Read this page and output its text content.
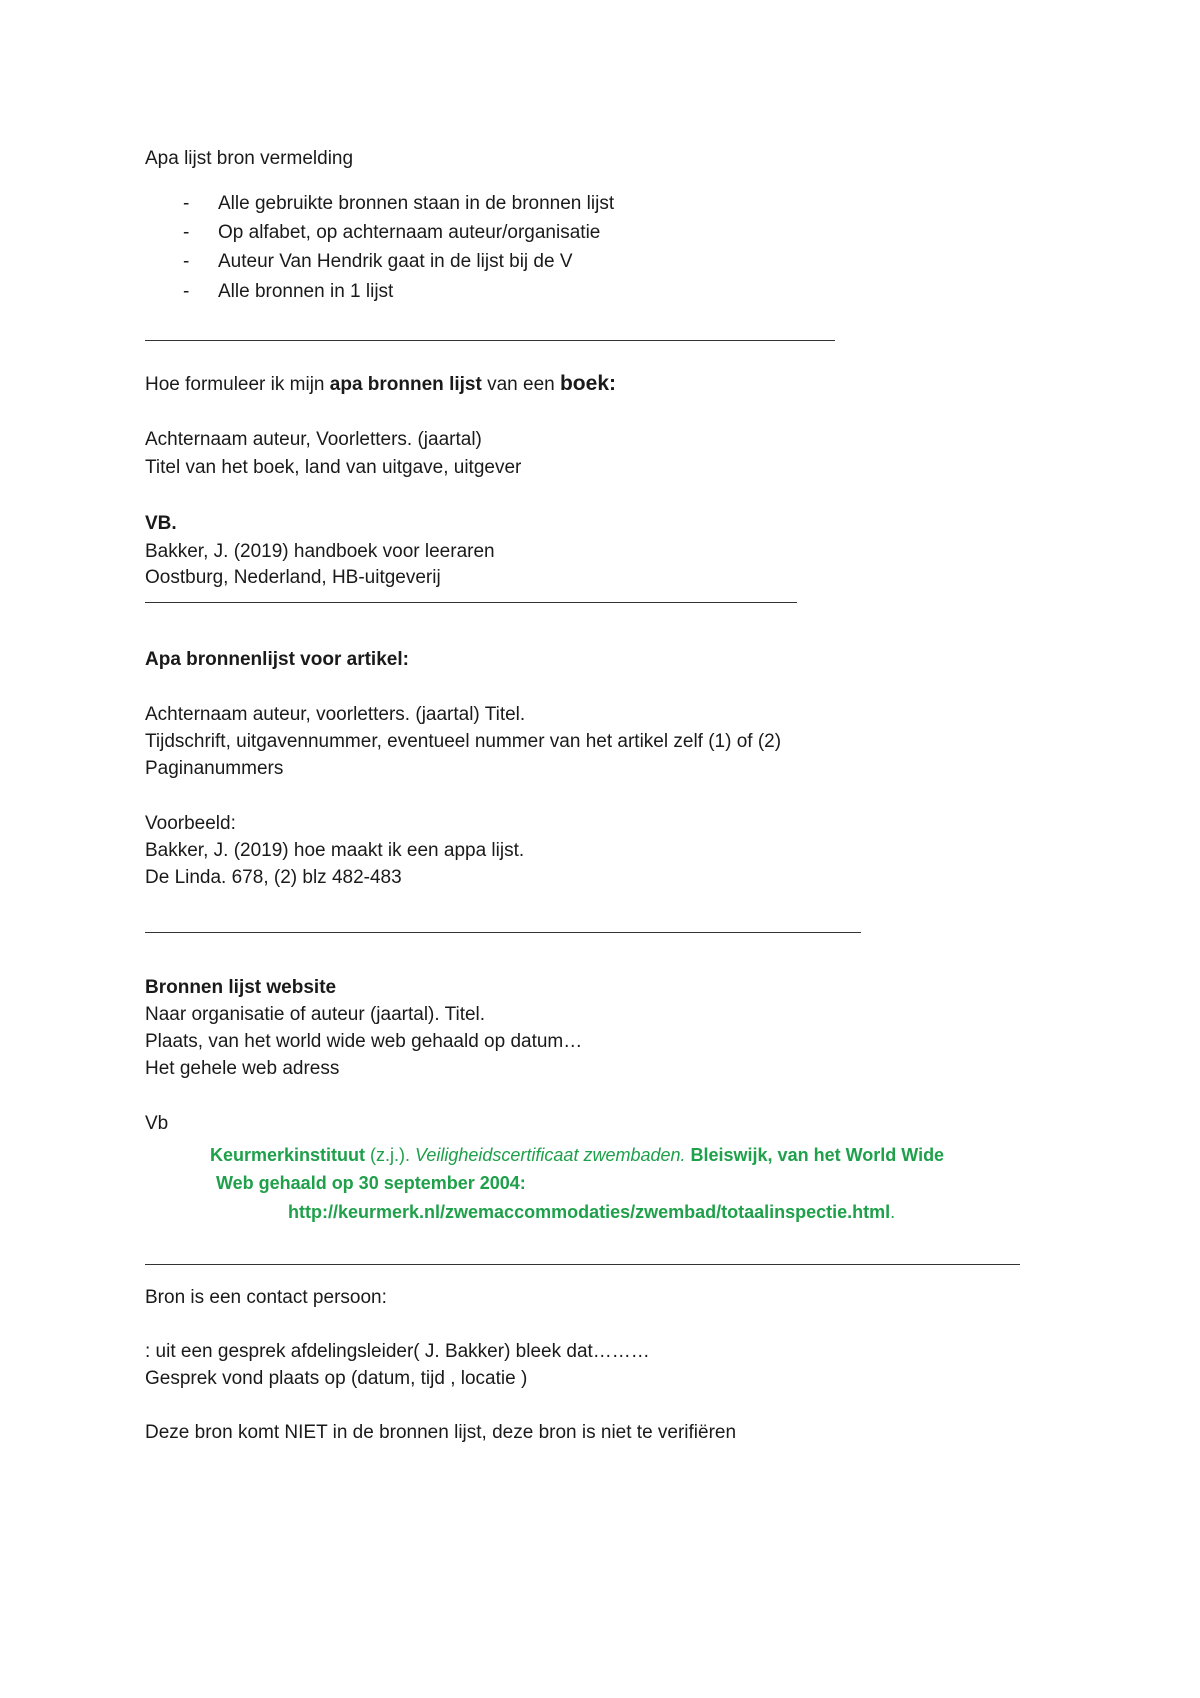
Apa lijst bron vermelding
- Alle gebruikte bronnen staan in de bronnen lijst
- Op alfabet, op achternaam auteur/organisatie
- Auteur Van Hendrik gaat in de lijst bij de V
- Alle bronnen in 1 lijst
Hoe formuleer ik mijn apa bronnen lijst van een boek:
Achternaam auteur, Voorletters. (jaartal)
Titel van het boek, land van uitgave, uitgever
VB.
Bakker, J. (2019) handboek voor leeraren
Oostburg, Nederland, HB-uitgeverij
Apa bronnenlijst voor artikel:
Achternaam auteur, voorletters. (jaartal) Titel.
Tijdschrift, uitgavennummer, eventueel nummer van het artikel zelf (1) of (2)
Paginanummers
Voorbeeld:
Bakker, J. (2019) hoe maakt ik een appa lijst.
De Linda. 678, (2) blz 482-483
Bronnen lijst website
Naar organisatie of auteur (jaartal). Titel.
Plaats, van het world wide web gehaald op datum…
Het gehele web adress
Vb
Keurmerkinstituut (z.j.). Veiligheidscertificaat zwembaden. Bleiswijk, van het World Wide
Web gehaald op 30 september 2004:
http://keurmerk.nl/zwemaccommodaties/zwembad/totaalinspectie.html.
Bron is een contact persoon:
: uit een gesprek afdelingsleider( J. Bakker) bleek dat………
Gesprek vond plaats op (datum, tijd , locatie )
Deze bron komt NIET in de bronnen lijst, deze bron is niet te verifiëren
